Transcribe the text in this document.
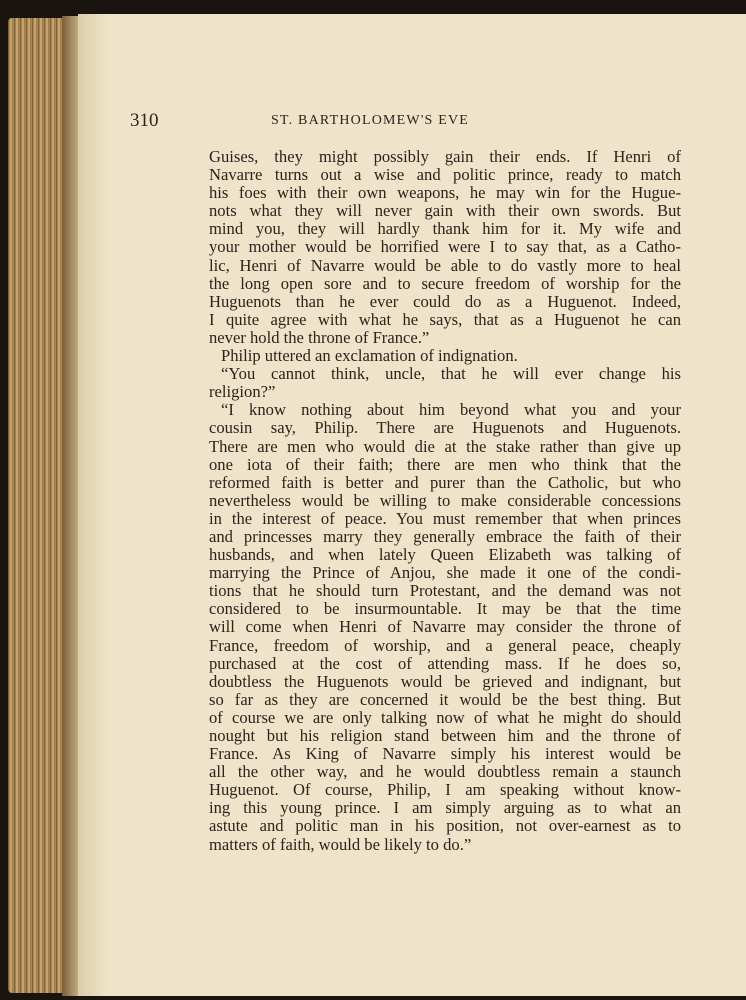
310	ST. BARTHOLOMEW'S EVE
Guises, they might possibly gain their ends. If Henri of
Navarre turns out a wise and politic prince, ready to match
his foes with their own weapons, he may win for the Hugue-
nots what they will never gain with their own swords. But
mind you, they will hardly thank him for it. My wife and
your mother would be horrified were I to say that, as a Catho-
lic, Henri of Navarre would be able to do vastly more to heal
the long open sore and to secure freedom of worship for the
Huguenots than he ever could do as a Huguenot. Indeed,
I quite agree with what he says, that as a Huguenot he can
never hold the throne of France.”
Philip uttered an exclamation of indignation.
“You cannot think, uncle, that he will ever change his
religion?”
“I know nothing about him beyond what you and your
cousin say, Philip. There are Huguenots and Huguenots.
There are men who would die at the stake rather than give up
one iota of their faith; there are men who think that the
reformed faith is better and purer than the Catholic, but who
nevertheless would be willing to make considerable concessions
in the interest of peace. You must remember that when princes
and princesses marry they generally embrace the faith of their
husbands, and when lately Queen Elizabeth was talking of
marrying the Prince of Anjou, she made it one of the condi-
tions that he should turn Protestant, and the demand was not
considered to be insurmountable. It may be that the time
will come when Henri of Navarre may consider the throne of
France, freedom of worship, and a general peace, cheaply
purchased at the cost of attending mass. If he does so,
doubtless the Huguenots would be grieved and indignant, but
so far as they are concerned it would be the best thing. But
of course we are only talking now of what he might do should
nought but his religion stand between him and the throne of
France. As King of Navarre simply his interest would be
all the other way, and he would doubtless remain a staunch
Huguenot. Of course, Philip, I am speaking without know-
ing this young prince. I am simply arguing as to what an
astute and politic man in his position, not over-earnest as to
matters of faith, would be likely to do.”
